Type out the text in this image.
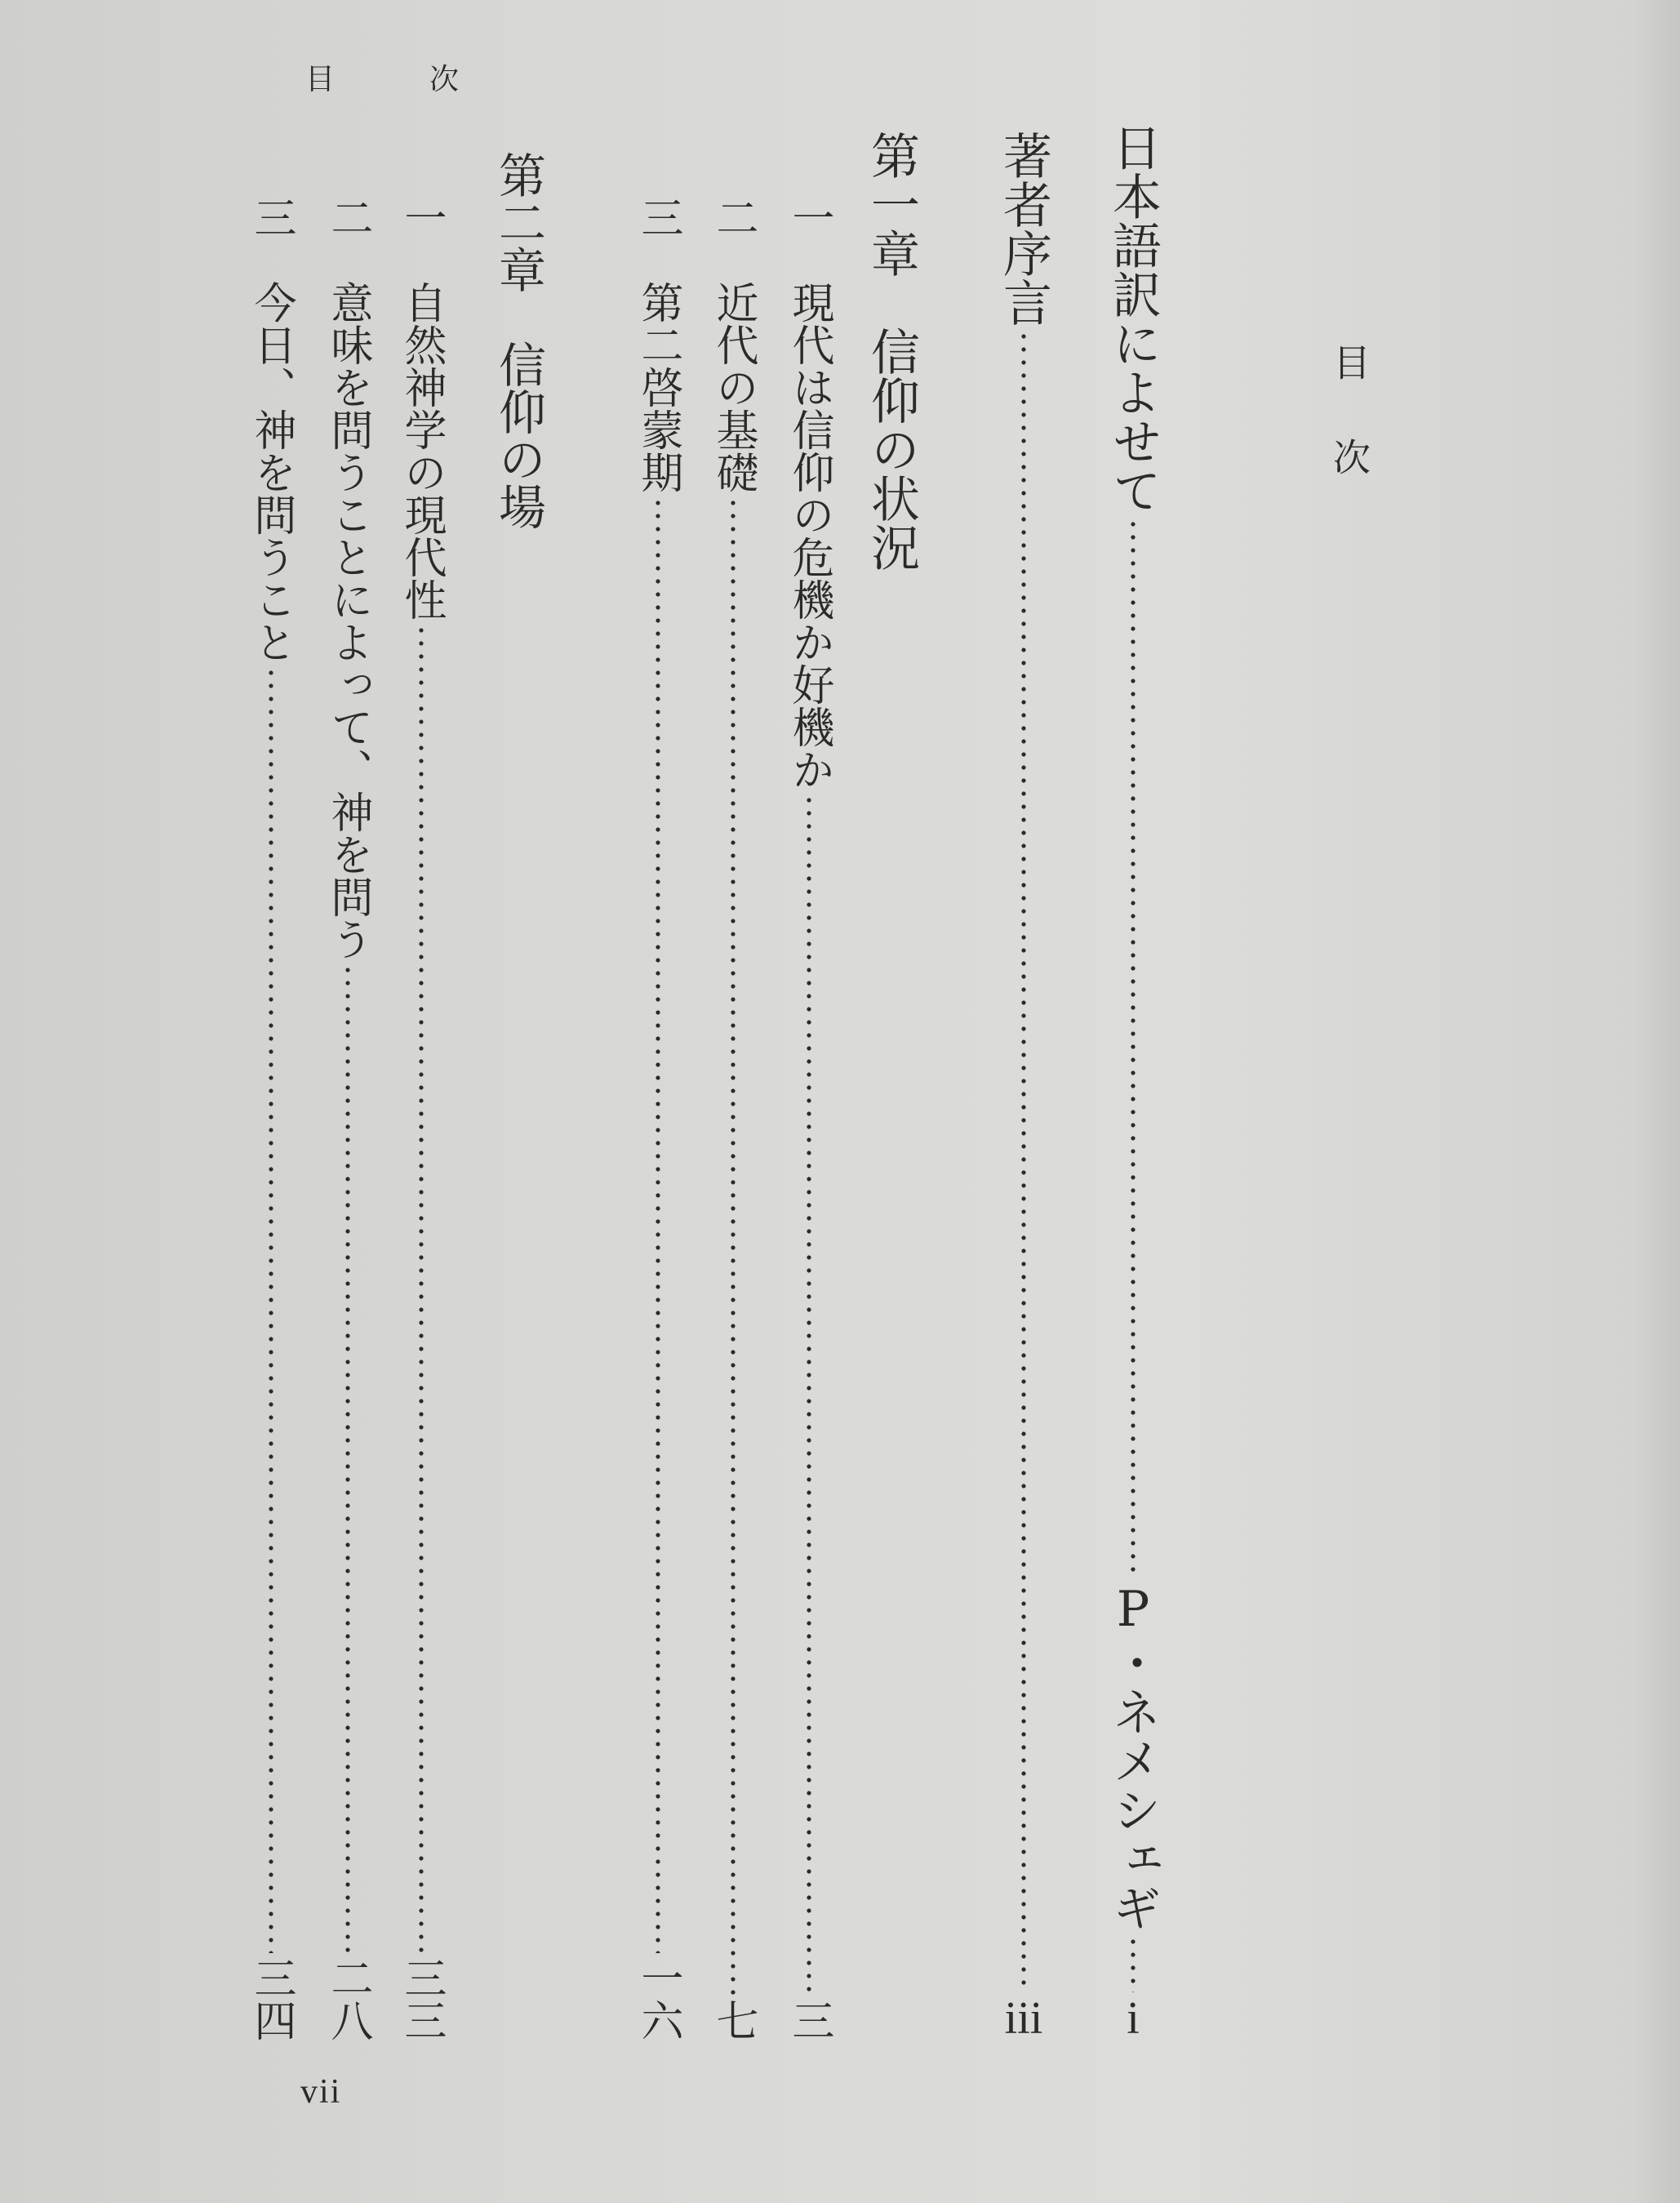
目次
目　次
日本語訳によせて
P・ネメシェギ
i
著者序言
iii
第一章　信仰の状況
一　現代は信仰の危機か好機か
三
二　近代の基礎
七
三　第二啓蒙期
一六
第二章　信仰の場
一　自然神学の現代性
三三
二　意味を問うことによって、神を問う
二八
三　今日、神を問うこと
三四
vii
